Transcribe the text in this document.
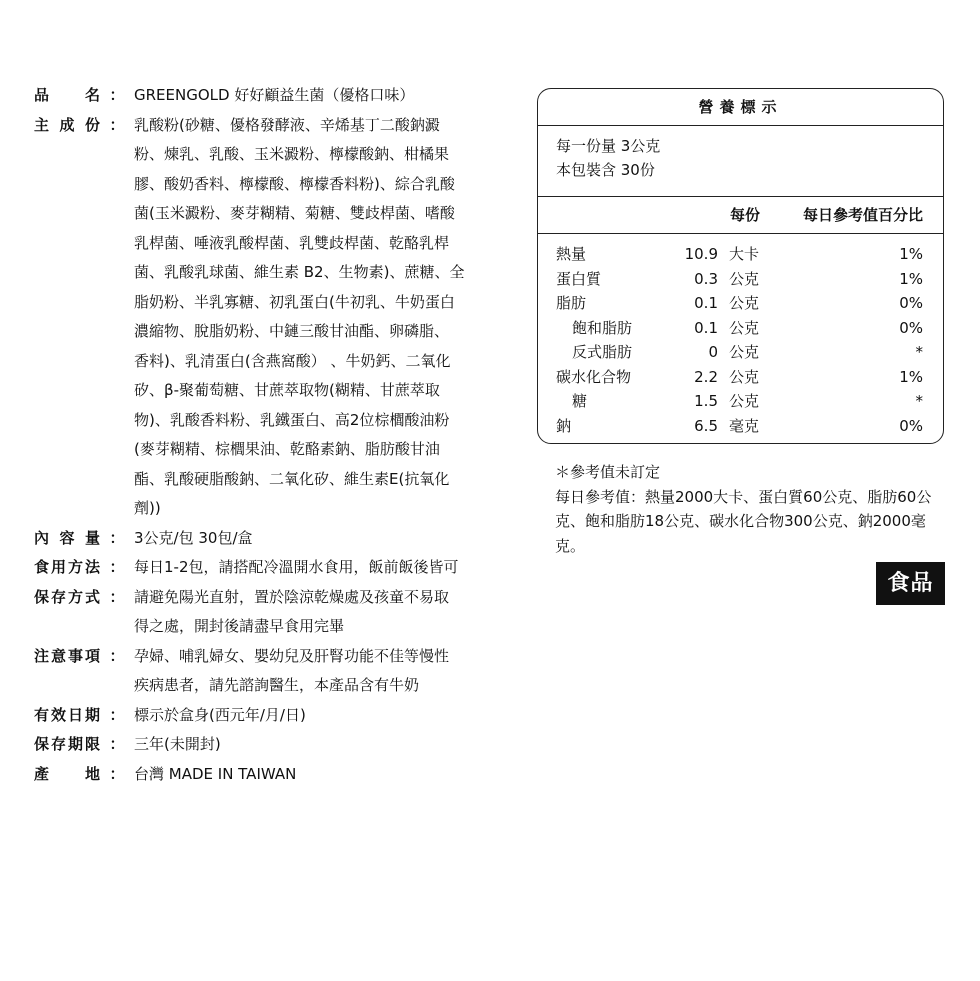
品　名 ： GREENGOLD 好好顧益生菌（優格口味）
主成份 ： 乳酸粉(砂糖、優格發酵液、辛烯基丁二酸鈉澱
粉、煉乳、乳酸、玉米澱粉、檸檬酸鈉、柑橘果
膠、酸奶香料、檸檬酸、檸檬香料粉)、綜合乳酸
菌(玉米澱粉、麥芽糊精、菊糖、雙歧桿菌、嗜酸
乳桿菌、唾液乳酸桿菌、乳雙歧桿菌、乾酪乳桿
菌、乳酸乳球菌、維生素 B2、生物素)、蔗糖、全
脂奶粉、半乳寡糖、初乳蛋白(牛初乳、牛奶蛋白
濃縮物、脫脂奶粉、中鏈三酸甘油酯、卵磷脂、
香料)、乳清蛋白(含燕窩酸） 、牛奶鈣、二氧化
矽、β-聚葡萄糖、甘蔗萃取物(糊精、甘蔗萃取
物)、乳酸香料粉、乳鐵蛋白、高2位棕櫚酸油粉
(麥芽糊精、棕櫚果油、乾酪素鈉、脂肪酸甘油
酯、乳酸硬脂酸鈉、二氧化矽、維生素E(抗氧化
劑))
內容量 ： 3公克/包 30包/盒
食用方法 ： 每日1-2包，請搭配冷溫開水食用，飯前飯後皆可
保存方式 ： 請避免陽光直射，置於陰涼乾燥處及孩童不易取
得之處，開封後請盡早食用完畢
注意事項 ： 孕婦、哺乳婦女、嬰幼兒及肝腎功能不佳等慢性
疾病患者，請先諮詢醫生，本產品含有牛奶
有效日期 ： 標示於盒身(西元年/月/日)
保存期限 ： 三年(未開封)
產　地 ： 台灣 MADE IN TAIWAN
營養標示
每一份量 3公克
本包裝含 30份
每份	每日參考值百分比
熱量	10.9 大卡	1%
蛋白質	0.3 公克	1%
脂肪	0.1 公克	0%
飽和脂肪	0.1 公克	0%
反式脂肪	0 公克	*
碳水化合物	2.2 公克	1%
糖	1.5 公克	*
鈉	6.5 毫克	0%
＊參考值未訂定
每日參考值：熱量2000大卡、蛋白質60公克、脂肪60公克、飽和脂肪18公克、碳水化合物300公克、鈉2000毫克。
食品
